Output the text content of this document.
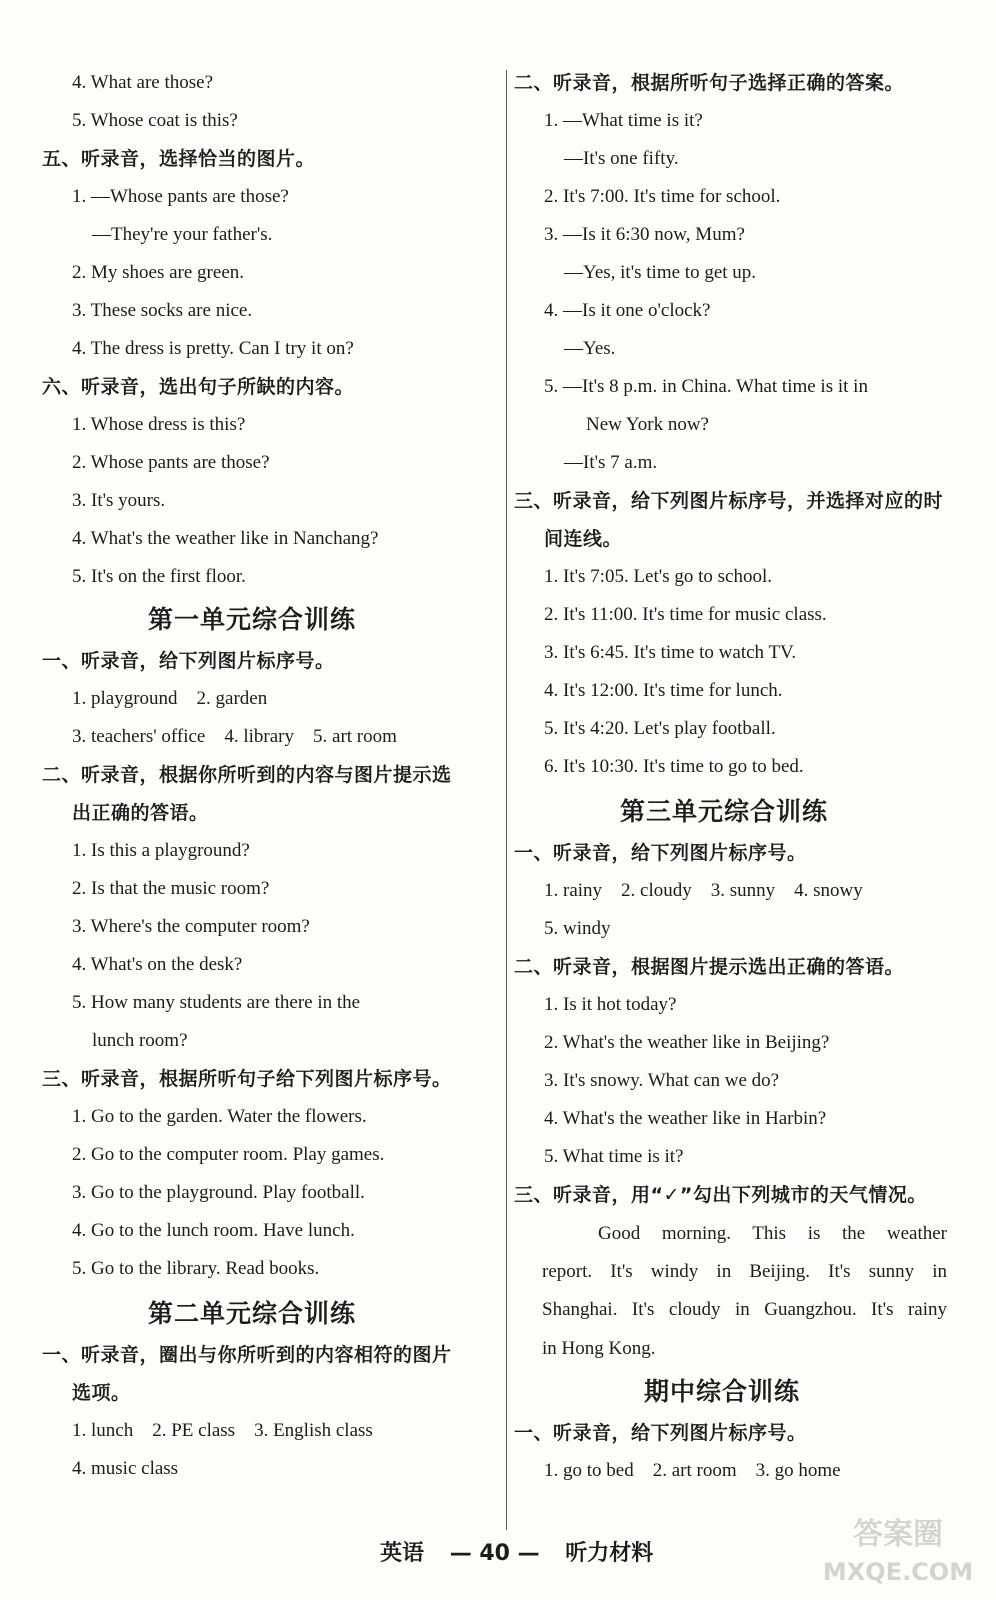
4. What are those?
5. Whose coat is this?
五、听录音，选择恰当的图片。
1. —Whose pants are those?
—They're your father's.
2. My shoes are green.
3. These socks are nice.
4. The dress is pretty. Can I try it on?
六、听录音，选出句子所缺的内容。
1. Whose dress is this?
2. Whose pants are those?
3. It's yours.
4. What's the weather like in Nanchang?
5. It's on the first floor.
第一单元综合训练
一、听录音，给下列图片标序号。
1. playground　2. garden
3. teachers' office　4. library　5. art room
二、听录音，根据你所听到的内容与图片提示选
出正确的答语。
1. Is this a playground?
2. Is that the music room?
3. Where's the computer room?
4. What's on the desk?
5. How many students are there in the
lunch room?
三、听录音，根据所听句子给下列图片标序号。
1. Go to the garden. Water the flowers.
2. Go to the computer room. Play games.
3. Go to the playground. Play football.
4. Go to the lunch room. Have lunch.
5. Go to the library. Read books.
第二单元综合训练
一、听录音，圈出与你所听到的内容相符的图片
选项。
1. lunch　2. PE class　3. English class
4. music class
二、听录音，根据所听句子选择正确的答案。
1. —What time is it?
—It's one fifty.
2. It's 7:00. It's time for school.
3. —Is it 6:30 now, Mum?
—Yes, it's time to get up.
4. —Is it one o'clock?
—Yes.
5. —It's 8 p.m. in China. What time is it in
New York now?
—It's 7 a.m.
三、听录音，给下列图片标序号，并选择对应的时
间连线。
1. It's 7:05. Let's go to school.
2. It's 11:00. It's time for music class.
3. It's 6:45. It's time to watch TV.
4. It's 12:00. It's time for lunch.
5. It's 4:20. Let's play football.
6. It's 10:30. It's time to go to bed.
第三单元综合训练
一、听录音，给下列图片标序号。
1. rainy　2. cloudy　3. sunny　4. snowy
5. windy
二、听录音，根据图片提示选出正确的答语。
1. Is it hot today?
2. What's the weather like in Beijing?
3. It's snowy. What can we do?
4. What's the weather like in Harbin?
5. What time is it?
三、听录音，用“✓”勾出下列城市的天气情况。
Good morning. This is the weather
report. It's windy in Beijing. It's sunny in
Shanghai. It's cloudy in Guangzhou. It's rainy
in Hong Kong.
期中综合训练
一、听录音，给下列图片标序号。
1. go to bed　2. art room　3. go home
英语 — 40 — 听力材料
答案圈
MXQE.COM
